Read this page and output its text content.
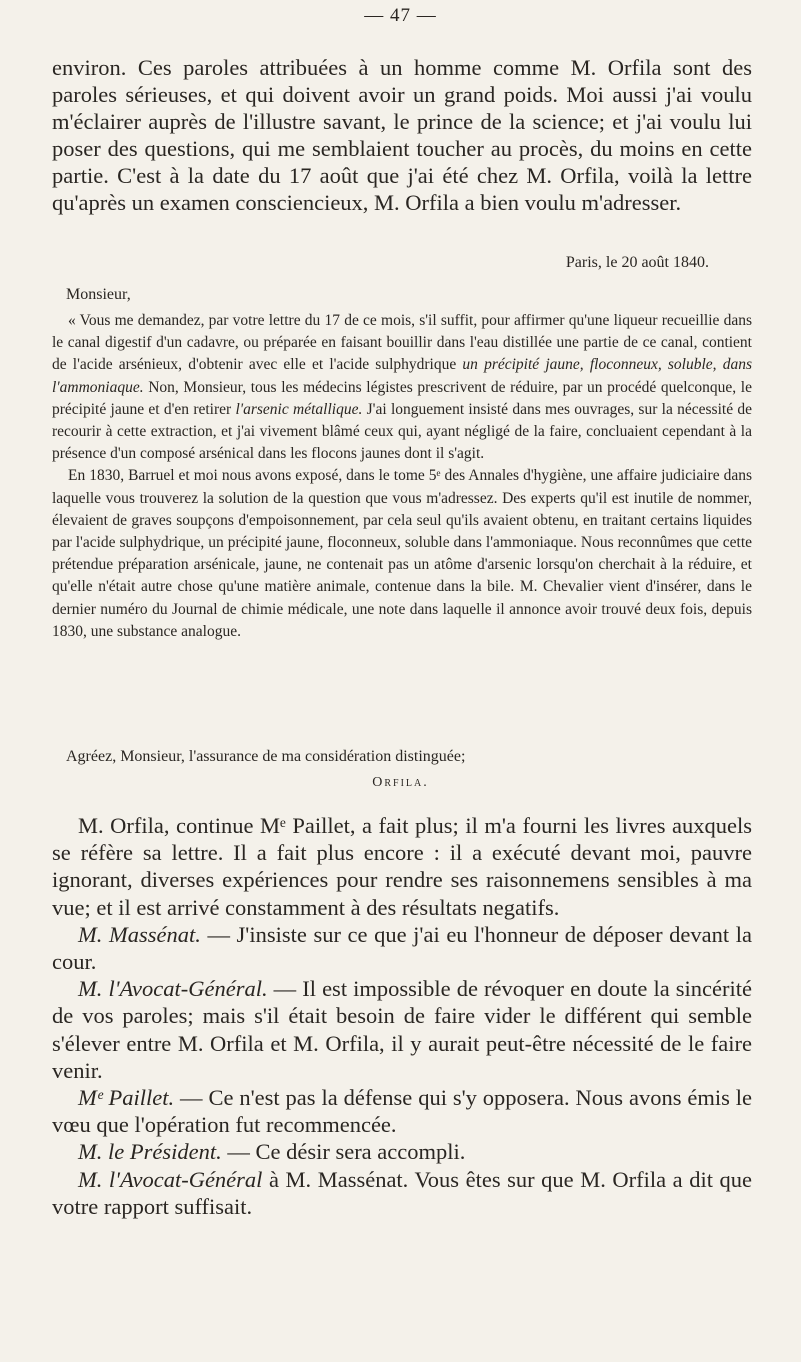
— 47 —

environ. Ces paroles attribuées à un homme comme M. Orfila sont des paroles sérieuses, et qui doivent avoir un grand poids. Moi aussi j'ai voulu m'éclairer auprès de l'illustre savant, le prince de la science; et j'ai voulu lui poser des questions, qui me semblaient toucher au procès, du moins en cette partie. C'est à la date du 17 août que j'ai été chez M. Orfila, voilà la lettre qu'après un examen consciencieux, M. Orfila a bien voulu m'adresser.

Paris, le 20 août 1840.
Monsieur,

« Vous me demandez, par votre lettre du 17 de ce mois, s'il suffit, pour affirmer qu'une liqueur recueillie dans le canal digestif d'un cadavre, ou préparée en faisant bouillir dans l'eau distillée une partie de ce canal, contient de l'acide arsénieux, d'obtenir avec elle et l'acide sulphydrique un précipité jaune, floconneux, soluble, dans l'ammoniaque. Non, Monsieur, tous les médecins légistes prescrivent de réduire, par un procédé quelconque, le précipité jaune et d'en retirer l'arsenic métallique. J'ai longuement insisté dans mes ouvrages, sur la nécessité de recourir à cette extraction, et j'ai vivement blâmé ceux qui, ayant négligé de la faire, concluaient cependant à la présence d'un composé arsénical dans les flocons jaunes dont il s'agit.

En 1830, Barruel et moi nous avons exposé, dans le tome 5ᵉ des Annales d'hygiène, une affaire judiciaire dans laquelle vous trouverez la solution de la question que vous m'adressez. Des experts qu'il est inutile de nommer, élevaient de graves soupçons d'empoisonnement, par cela seul qu'ils avaient obtenu, en traitant certains liquides par l'acide sulphydrique, un précipité jaune, floconneux, soluble dans l'ammoniaque. Nous reconnûmes que cette prétendue préparation arsénicale, jaune, ne contenait pas un atôme d'arsenic lorsqu'on cherchait à la réduire, et qu'elle n'était autre chose qu'une matière animale, contenue dans la bile. M. Chevalier vient d'insérer, dans le dernier numéro du Journal de chimie médicale, une note dans laquelle il annonce avoir trouvé deux fois, depuis 1830, une substance analogue.

Agréez, Monsieur, l'assurance de ma considération distinguée;
Orfila.

M. Orfila, continue Mᵉ Paillet, a fait plus; il m'a fourni les livres auxquels se réfère sa lettre. Il a fait plus encore : il a exécuté devant moi, pauvre ignorant, diverses expériences pour rendre ses raisonnemens sensibles à ma vue; et il est arrivé constamment à des résultats negatifs.

M. Massénat. — J'insiste sur ce que j'ai eu l'honneur de déposer devant la cour.

M. l'Avocat-Général. — Il est impossible de révoquer en doute la sincérité de vos paroles; mais s'il était besoin de faire vider le différent qui semble s'élever entre M. Orfila et M. Orfila, il y aurait peut-être nécessité de le faire venir.

Mᵉ Paillet. — Ce n'est pas la défense qui s'y opposera. Nous avons émis le vœu que l'opération fut recommencée.

M. le Président. — Ce désir sera accompli.

M. l'Avocat-Général à M. Massénat. Vous êtes sur que M. Orfila a dit que votre rapport suffisait.
